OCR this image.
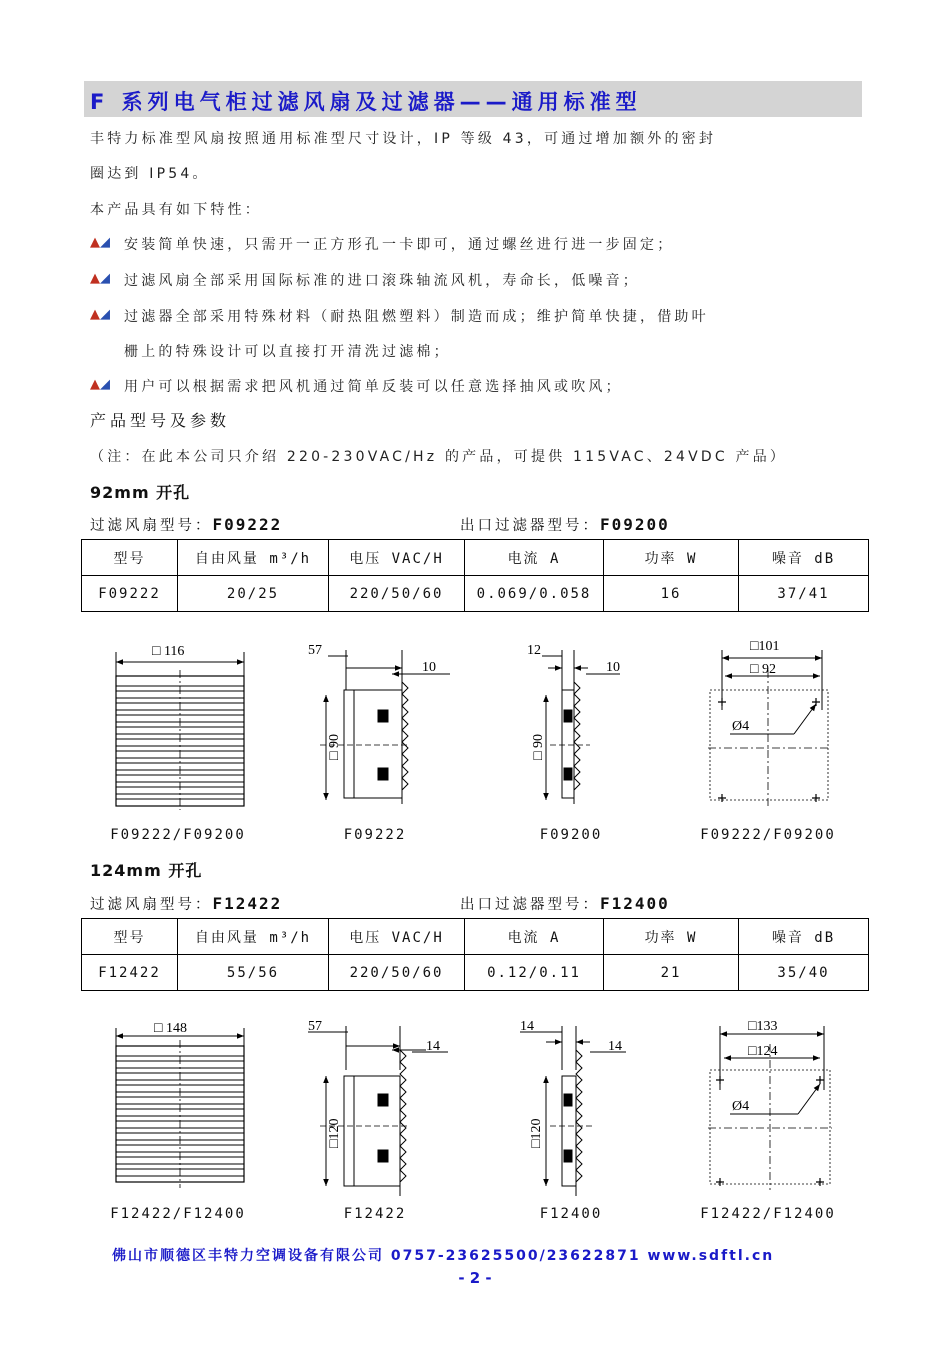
F 系列电气柜过滤风扇及过滤器——通用标准型
丰特力标准型风扇按照通用标准型尺寸设计，IP 等级 43，可通过增加额外的密封
圈达到 IP54。
本产品具有如下特性：
▲◢ 安装简单快速，只需开一正方形孔一卡即可，通过螺丝进行进一步固定；
▲◢ 过滤风扇全部采用国际标准的进口滚珠轴流风机，寿命长，低噪音；
▲◢ 过滤器全部采用特殊材料（耐热阻燃塑料）制造而成；维护简单快捷，借助叶
栅上的特殊设计可以直接打开清洗过滤棉；
▲◢ 用户可以根据需求把风机通过简单反装可以任意选择抽风或吹风；
产品型号及参数
（注：在此本公司只介绍 220-230VAC/Hz 的产品，可提供 115VAC、24VDC 产品）
92mm 开孔
过滤风扇型号：F09222	出口过滤器型号：F09200
型号	自由风量 m³/h	电压 VAC/H	电流 A	功率 W	噪音 dB
F09222	20/25	220/50/60	0.069/0.058	16	37/41
□ 116	57
10
□ 90
12
10
□ 90
□101
□ 92
Ø4
F09222/F09200	F09222	F09200	F09222/F09200
124mm 开孔
过滤风扇型号：F12422	出口过滤器型号：F12400
型号	自由风量 m³/h	电压 VAC/H	电流 A	功率 W	噪音 dB
F12422	55/56	220/50/60	0.12/0.11	21	35/40
□ 148	57
14
□120
14
14
□120
□133
□124
Ø4
F12422/F12400	F12422	F12400	F12422/F12400
佛山市顺德区丰特力空调设备有限公司 0757-23625500/23622871 www.sdftl.cn
- 2 -
